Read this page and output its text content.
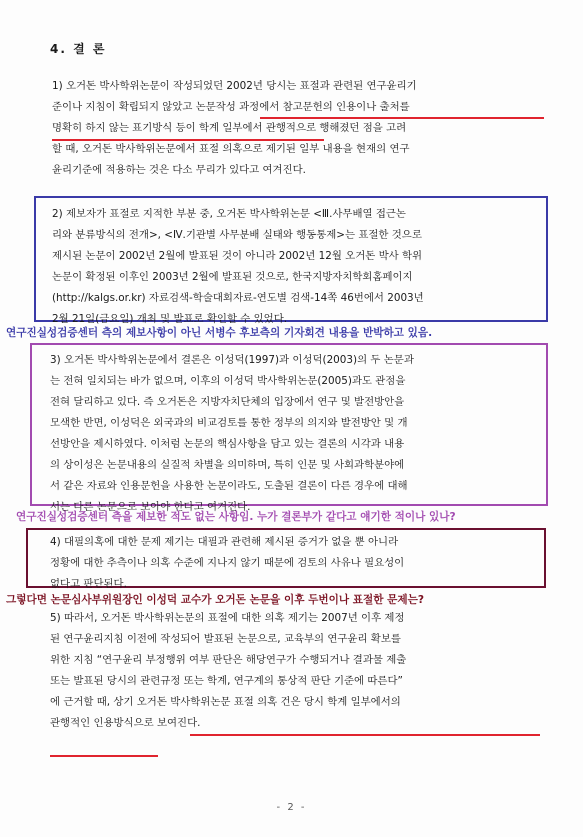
4. 결 론
1) 오거돈 박사학위논문이 작성되었던 2002년 당시는 표절과 관련된 연구윤리기
준이나 지침이 확립되지 않았고 논문작성 과정에서 참고문헌의 인용이나 출처를
명확히 하지 않는 표기방식 등이 학계 일부에서 관행적으로 행해졌던 점을 고려
할 때, 오거돈 박사학위논문에서 표절 의혹으로 제기된 일부 내용을 현재의 연구
윤리기준에 적용하는 것은 다소 무리가 있다고 여겨진다.
2) 제보자가 표절로 지적한 부분 중, 오거돈 박사학위논문 <Ⅲ.사무배열 접근논
리와 분류방식의 전개>, <Ⅳ.기관별 사무분배 실태와 행동통제>는 표절한 것으로
제시된 논문이 2002년 2월에 발표된 것이 아니라 2002년 12월 오거돈 박사 학위
논문이 확정된 이후인 2003년 2월에 발표된 것으로, 한국지방자치학회홈페이지
(http://kalgs.or.kr) 자료검색-학술대회자료-연도별 검색-14쪽 46번에서 2003년
2월 21일(금요일) 개최 및 발표로 확인할 수 있었다.
연구진실성검증센터 측의 제보사항이 아닌 서병수 후보측의 기자회견 내용을 반박하고 있음.
3) 오거돈 박사학위논문에서 결론은 이성덕(1997)과 이성덕(2003)의 두 논문과
는 전혀 일치되는 바가 없으며, 이후의 이성덕 박사학위논문(2005)과도 관점을
전혀 달리하고 있다. 즉 오거돈은 지방자치단체의 입장에서 연구 및 발전방안을
모색한 반면, 이성덕은 외국과의 비교검토를 통한 정부의 의지와 발전방안 및 개
선방안을 제시하였다. 이처럼 논문의 핵심사항을 담고 있는 결론의 시각과 내용
의 상이성은 논문내용의 실질적 차별을 의미하며, 특히 인문 및 사회과학분야에
서 같은 자료와 인용문헌을 사용한 논문이라도, 도출된 결론이 다른 경우에 대해
서는 다른 논문으로 보아야 한다고 여겨진다.
연구진실성검증센터 측을 제보한 적도 없는 사항임. 누가 결론부가 같다고 얘기한 적이나 있나?
4) 대필의혹에 대한 문제 제기는 대필과 관련해 제시된 증거가 없을 뿐 아니라
정황에 대한 추측이나 의혹 수준에 지나지 않기 때문에 검토의 사유나 필요성이
없다고 판단된다.
그렇다면 논문심사부위원장인 이성덕 교수가 오거돈 논문을 이후 두번이나 표절한 문제는?
5) 따라서, 오거돈 박사학위논문의 표절에 대한 의혹 제기는 2007년 이후 제정
된 연구윤리지침 이전에 작성되어 발표된 논문으로, 교육부의 연구윤리 확보를
위한 지침 “연구윤리 부정행위 여부 판단은 해당연구가 수행되거나 결과물 제출
또는 발표된 당시의 관련규정 또는 학계, 연구계의 통상적 판단 기준에 따른다”
에 근거할 때, 상기 오거돈 박사학위논문 표절 의혹 건은 당시 학계 일부에서의
관행적인 인용방식으로 보여진다.
- 2 -
